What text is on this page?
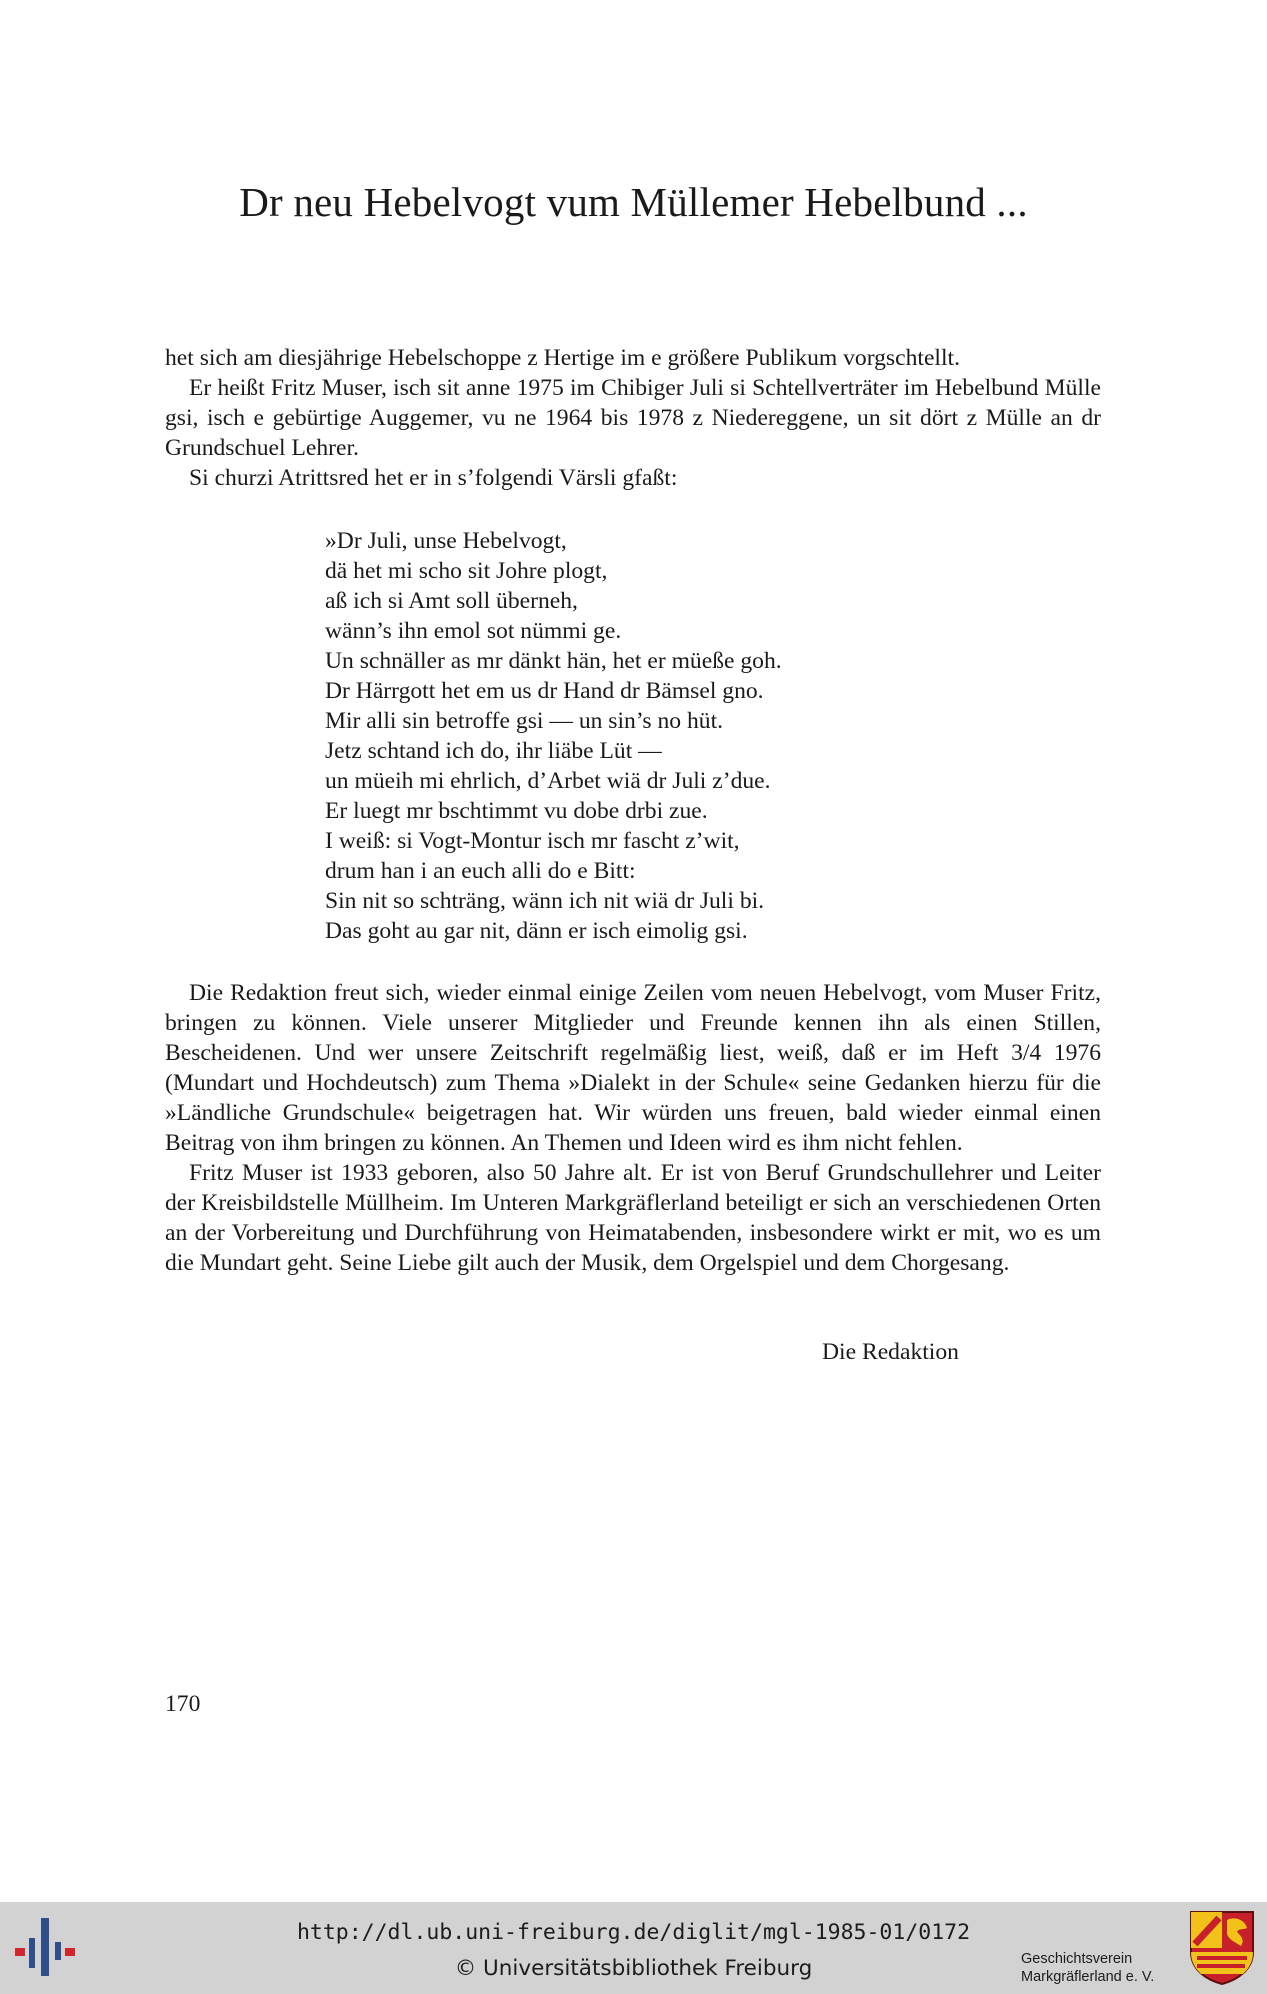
Dr neu Hebelvogt vum Müllemer Hebelbund ...

het sich am diesjährige Hebelschoppe z Hertige im e größere Publikum vorgschtellt.

Er heißt Fritz Muser, isch sit anne 1975 im Chibiger Juli si Schtellverträter im Hebelbund Mülle gsi, isch e gebürtige Auggemer, vu ne 1964 bis 1978 z Niedereggene, un sit dört z Mülle an dr Grundschuel Lehrer.

Si churzi Atrittsred het er in s’folgendi Värsli gfaßt:

»Dr Juli, unse Hebelvogt,
dä het mi scho sit Johre plogt,
aß ich si Amt soll überneh,
wänn’s ihn emol sot nümmi ge.
Un schnäller as mr dänkt hän, het er müeße goh.
Dr Härrgott het em us dr Hand dr Bämsel gno.
Mir alli sin betroffe gsi — un sin’s no hüt.
Jetz schtand ich do, ihr liäbe Lüt —
un müeih mi ehrlich, d’Arbet wiä dr Juli z’due.
Er luegt mr bschtimmt vu dobe drbi zue.
I weiß: si Vogt-Montur isch mr fascht z’wit,
drum han i an euch alli do e Bitt:
Sin nit so schträng, wänn ich nit wiä dr Juli bi.
Das goht au gar nit, dänn er isch eimolig gsi.

Die Redaktion freut sich, wieder einmal einige Zeilen vom neuen Hebelvogt, vom Muser Fritz, bringen zu können. Viele unserer Mitglieder und Freunde kennen ihn als einen Stillen, Bescheidenen. Und wer unsere Zeitschrift regelmäßig liest, weiß, daß er im Heft 3/4 1976 (Mundart und Hochdeutsch) zum Thema »Dialekt in der Schule« seine Gedanken hierzu für die »Ländliche Grundschule« beigetragen hat. Wir würden uns freuen, bald wieder einmal einen Beitrag von ihm bringen zu können. An Themen und Ideen wird es ihm nicht fehlen.

Fritz Muser ist 1933 geboren, also 50 Jahre alt. Er ist von Beruf Grundschullehrer und Leiter der Kreisbildstelle Müllheim. Im Unteren Markgräflerland beteiligt er sich an verschiedenen Orten an der Vorbereitung und Durchführung von Heimatabenden, insbesondere wirkt er mit, wo es um die Mundart geht. Seine Liebe gilt auch der Musik, dem Orgelspiel und dem Chorgesang.

Die Redaktion
170
http://dl.ub.uni-freiburg.de/diglit/mgl-1985-01/0172
© Universitätsbibliothek Freiburg	Geschichtsverein
Markgräflerland e. V.
